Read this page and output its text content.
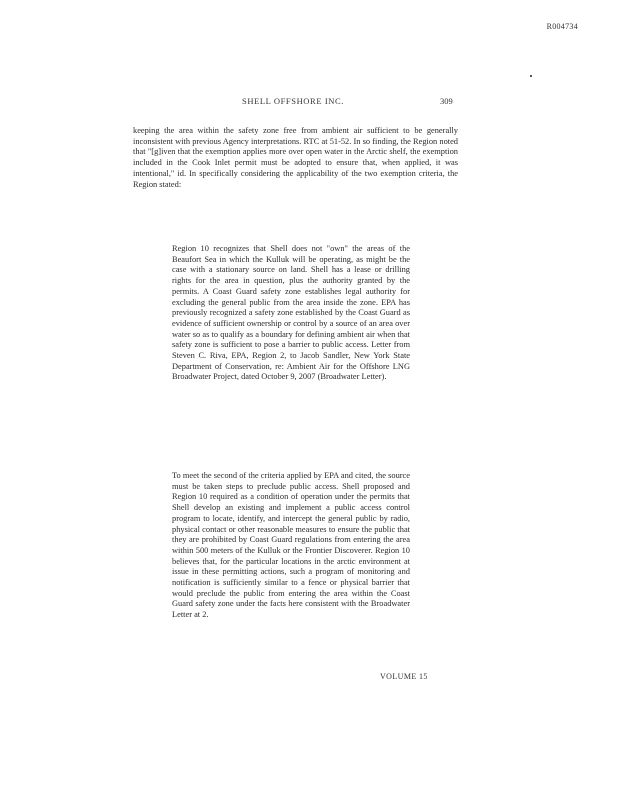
R004734
SHELL OFFSHORE INC.	309

keeping the area within the safety zone free from ambient air sufficient to be generally inconsistent with previous Agency interpretations. RTC at 51-52. In so finding, the Region noted that "[g]iven that the exemption applies more over open water in the Arctic shelf, the exemption included in the Cook Inlet permit must be adopted to ensure that, when applied, it was intentional," id. In specifically considering the applicability of the two exemption criteria, the Region stated:

Region 10 recognizes that Shell does not "own" the areas of the Beaufort Sea in which the Kulluk will be operating, as might be the case with a stationary source on land. Shell has a lease or drilling rights for the area in question, plus the authority granted by the permits. A Coast Guard safety zone establishes legal authority for excluding the general public from the area inside the zone. EPA has previously recognized a safety zone established by the Coast Guard as evidence of sufficient ownership or control by a source of an area over water so as to qualify as a boundary for defining ambient air when that safety zone is sufficient to pose a barrier to public access. Letter from Steven C. Riva, EPA, Region 2, to Jacob Sandler, New York State Department of Conservation, re: Ambient Air for the Offshore LNG Broadwater Project, dated October 9, 2007 (Broadwater Letter).

To meet the second of the criteria applied by EPA and cited, the source must be taken steps to preclude public access. Shell proposed and Region 10 required as a condition of operation under the permits that Shell develop an existing and implement a public access control program to locate, identify, and intercept the general public by radio, physical contact or other reasonable measures to ensure the public that they are prohibited by Coast Guard regulations from entering the area within 500 meters of the Kulluk or the Frontier Discoverer. Region 10 believes that, for the particular locations in the arctic environment at issue in these permitting actions, such a program of monitoring and notification is sufficiently similar to a fence or physical barrier that would preclude the public from entering the area within the Coast Guard safety zone under the facts here consistent with the Broadwater Letter at 2.

VOLUME 15
